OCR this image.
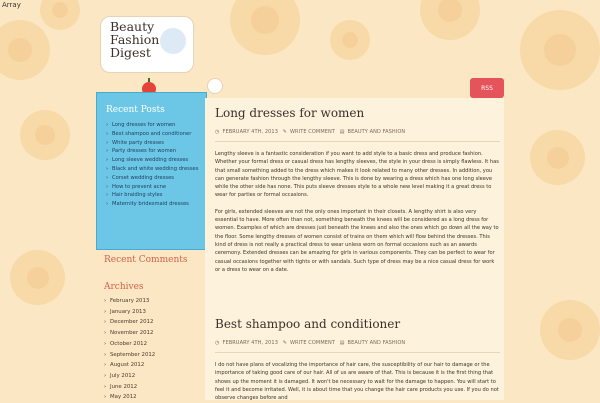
Array
Beauty
Fashion
Digest
RSS
Recent Posts
› Long dresses for women
› Best shampoo and conditioner
› White party dresses
› Party dresses for women
› Long sleeve wedding dresses
› Black and white wedding dresses
› Corset wedding dresses
› How to prevent acne
› Hair braiding styles
› Maternity bridesmaid dresses
Recent Comments
Archives
› February 2013
› January 2013
› December 2012
› November 2012
› October 2012
› September 2012
› August 2012
› July 2012
› June 2012
› May 2012
Long dresses for women
◷ FEBRUARY 4TH, 2013 ✎ WRITE COMMENT ▤ BEAUTY AND FASHION

Lengthy sleeve is a fantastic consideration if you want to add style to a basic dress and produce fashion. Whether your formal dress or casual dress has lengthy sleeves, the style in your dress is simply flawless. It has that small something added to the dress which makes it look related to many other dresses. In addition, you can generate fashion through the lengthy sleeve. This is done by wearing a dress which has one long sleeve while the other side has none. This puts sleeve dresses style to a whole new level making it a great dress to wear for parties or formal occasions.

For girls, extended sleeves are not the only ones important in their closets. A lengthy shirt is also very essential to have. More often than not, something beneath the knees will be considered as a long dress for women. Examples of which are dresses just beneath the knees and also the ones which go down all the way to the floor. Some lengthy dresses of women consist of trains on them which will flow behind the dresses. This kind of dress is not really a practical dress to wear unless worn on formal occasions such as an awards ceremony. Extended dresses can be amazing for girls in various components. They can be perfect to wear for casual occasions together with tights or with sandals. Such type of dress may be a nice casual dress for work or a dress to wear on a date.

Best shampoo and conditioner
◷ FEBRUARY 4TH, 2013 ✎ WRITE COMMENT ▤ BEAUTY AND FASHION

I do not have plans of vocalizing the importance of hair care, the susceptibility of our hair to damage or the importance of taking good care of our hair. All of us are aware of that. This is because it is the first thing that shows up the moment it is damaged. It won't be necessary to wait for the damage to happen. You will start to feel it and become irritated. Well, it is about time that you change the hair care products you use. If you do not observe changes before and
